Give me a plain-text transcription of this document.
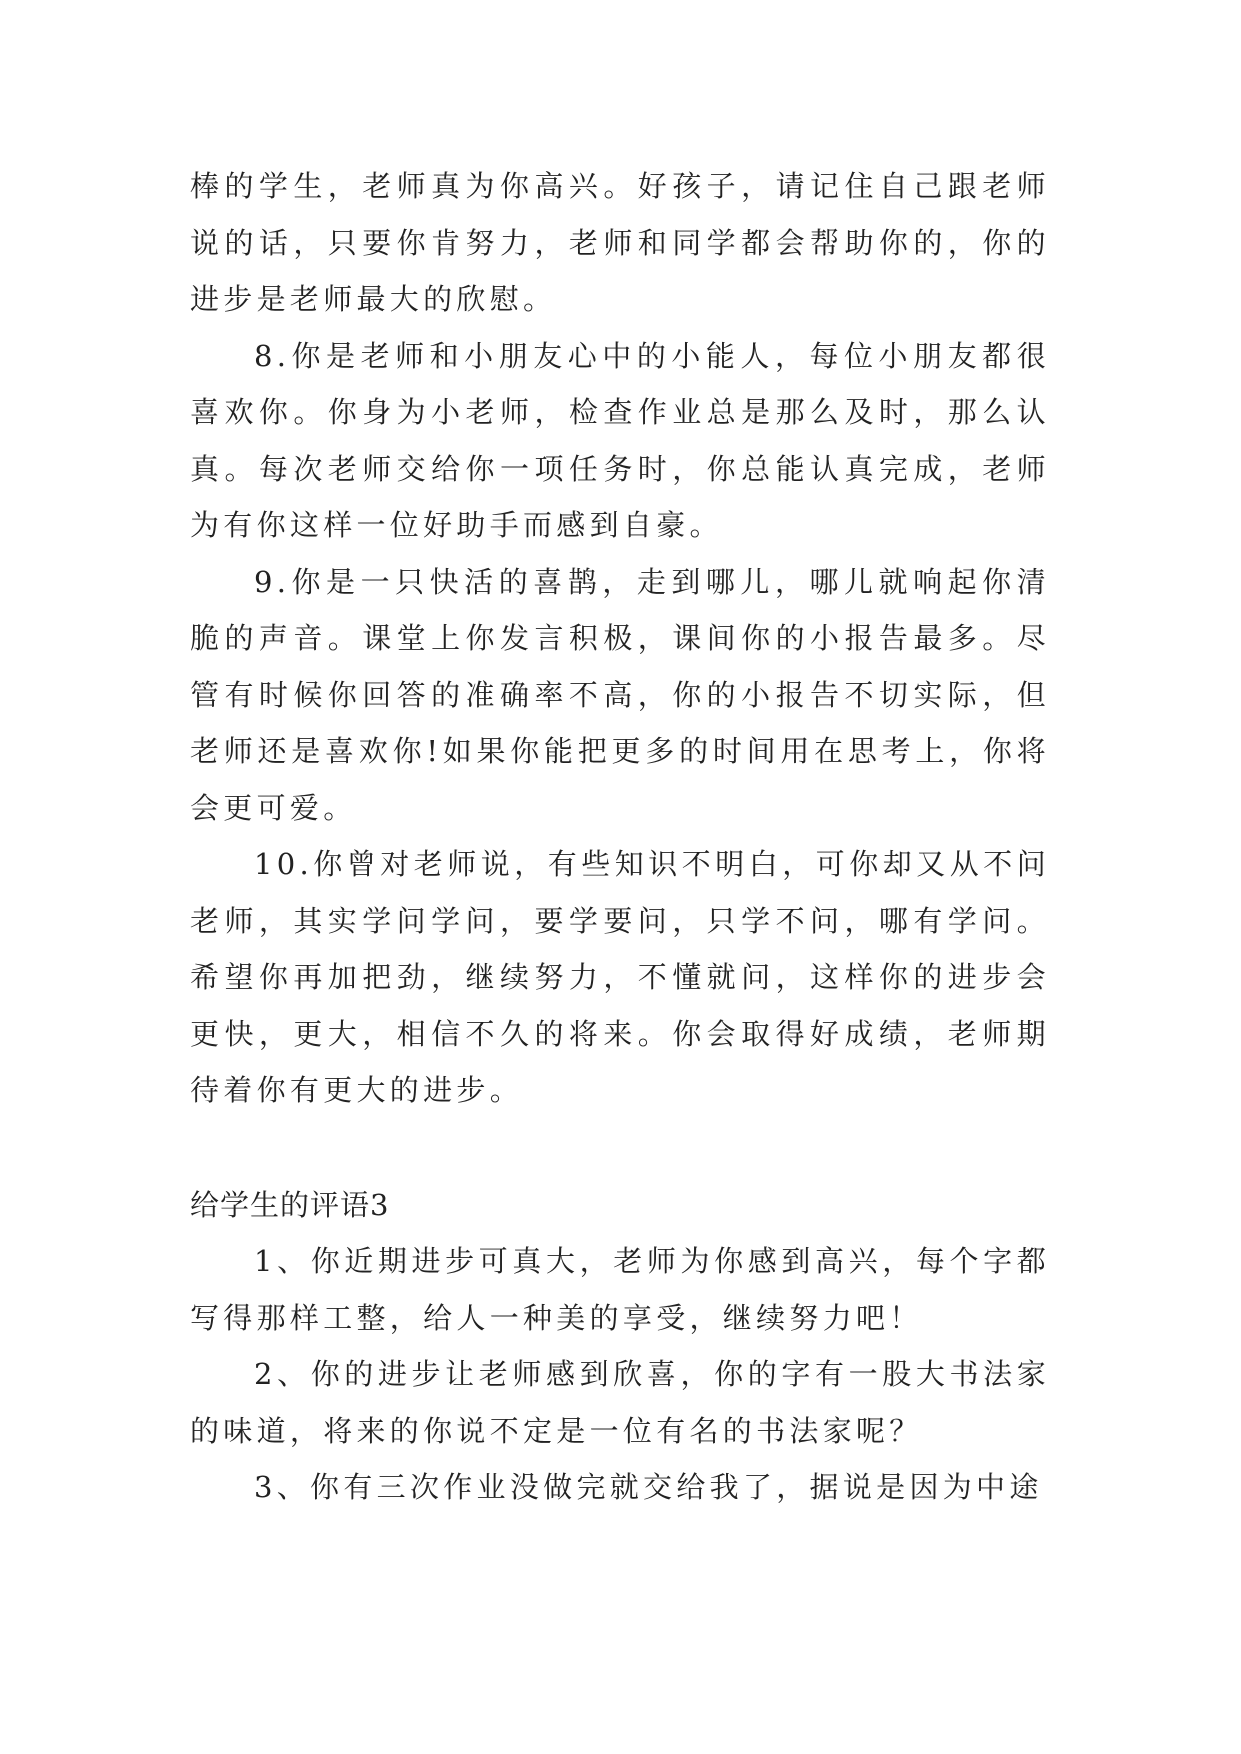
棒的学生，老师真为你高兴。好孩子，请记住自己跟老师说的话，只要你肯努力，老师和同学都会帮助你的，你的进步是老师最大的欣慰。

8.你是老师和小朋友心中的小能人，每位小朋友都很喜欢你。你身为小老师，检查作业总是那么及时，那么认真。每次老师交给你一项任务时，你总能认真完成，老师为有你这样一位好助手而感到自豪。

9.你是一只快活的喜鹊，走到哪儿，哪儿就响起你清脆的声音。课堂上你发言积极，课间你的小报告最多。尽管有时候你回答的准确率不高，你的小报告不切实际，但老师还是喜欢你!如果你能把更多的时间用在思考上，你将会更可爱。

10.你曾对老师说，有些知识不明白，可你却又从不问老师，其实学问学问，要学要问，只学不问，哪有学问。希望你再加把劲，继续努力，不懂就问，这样你的进步会更快，更大，相信不久的将来。你会取得好成绩，老师期待着你有更大的进步。

给学生的评语3

1、你近期进步可真大，老师为你感到高兴，每个字都写得那样工整，给人一种美的享受，继续努力吧！

2、你的进步让老师感到欣喜，你的字有一股大书法家的味道，将来的你说不定是一位有名的书法家呢？

3、你有三次作业没做完就交给我了，据说是因为中途
